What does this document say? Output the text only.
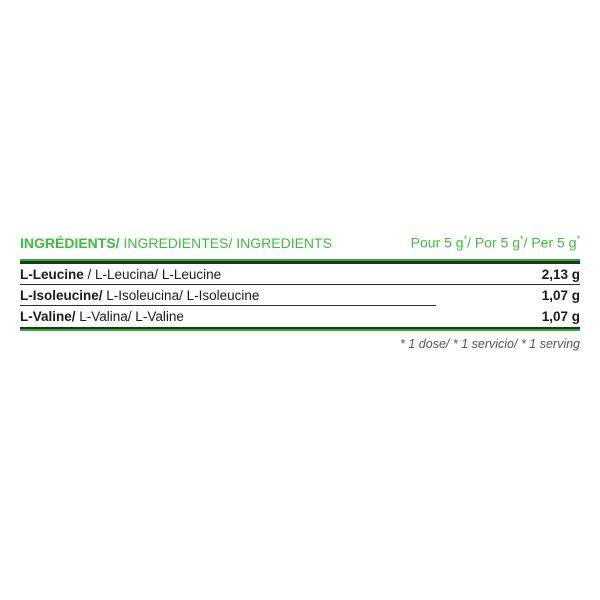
INGRÉDIENTS/ INGREDIENTES/ INGREDIENTS	Pour 5 g*/ Por 5 g*/ Per 5 g*
L-Leucine / L-Leucina/ L-Leucine	2,13 g
L-Isoleucine/ L-Isoleucina/ L-Isoleucine	1,07 g
L-Valine/ L-Valina/ L-Valine	1,07 g
* 1 dose/ * 1 servicio/ * 1 serving
